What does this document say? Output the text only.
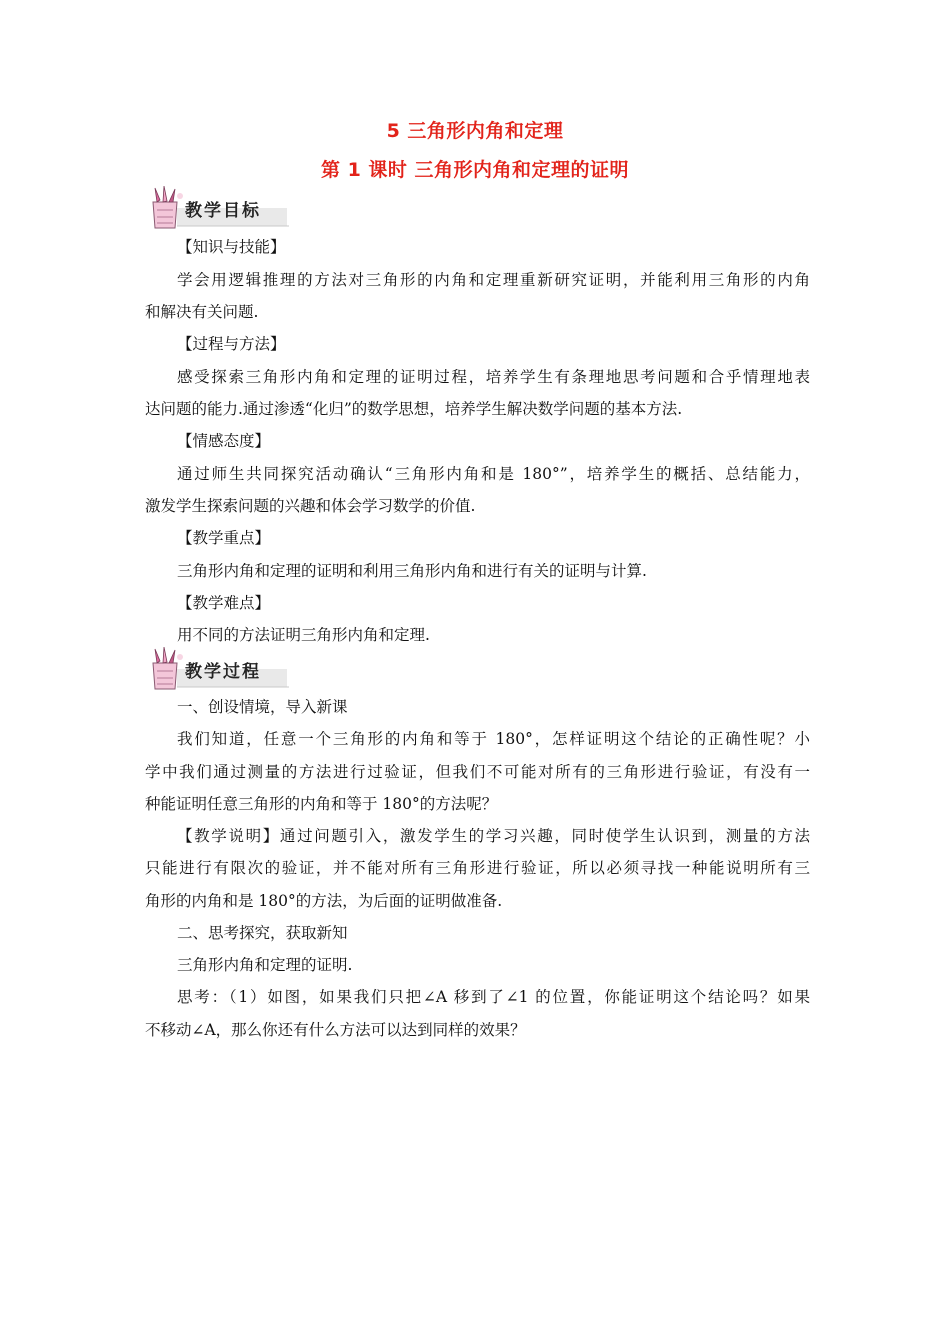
5 三角形内角和定理
第 1 课时 三角形内角和定理的证明
教学目标
【知识与技能】
学会用逻辑推理的方法对三角形的内角和定理重新研究证明，并能利用三角形的内角
和解决有关问题.
【过程与方法】
感受探索三角形内角和定理的证明过程，培养学生有条理地思考问题和合乎情理地表
达问题的能力.通过渗透“化归”的数学思想，培养学生解决数学问题的基本方法.
【情感态度】
通过师生共同探究活动确认“三角形内角和是 180°”，培养学生的概括、总结能力，
激发学生探索问题的兴趣和体会学习数学的价值.
【教学重点】
三角形内角和定理的证明和利用三角形内角和进行有关的证明与计算.
【教学难点】
用不同的方法证明三角形内角和定理.
教学过程
一、创设情境，导入新课
我们知道，任意一个三角形的内角和等于 180°，怎样证明这个结论的正确性呢？小
学中我们通过测量的方法进行过验证，但我们不可能对所有的三角形进行验证，有没有一
种能证明任意三角形的内角和等于 180°的方法呢？
【教学说明】通过问题引入，激发学生的学习兴趣，同时使学生认识到，测量的方法
只能进行有限次的验证，并不能对所有三角形进行验证，所以必须寻找一种能说明所有三
角形的内角和是 180°的方法，为后面的证明做准备.
二、思考探究，获取新知
三角形内角和定理的证明.
思考：（1）如图，如果我们只把∠A 移到了∠1 的位置，你能证明这个结论吗？如果
不移动∠A，那么你还有什么方法可以达到同样的效果？
